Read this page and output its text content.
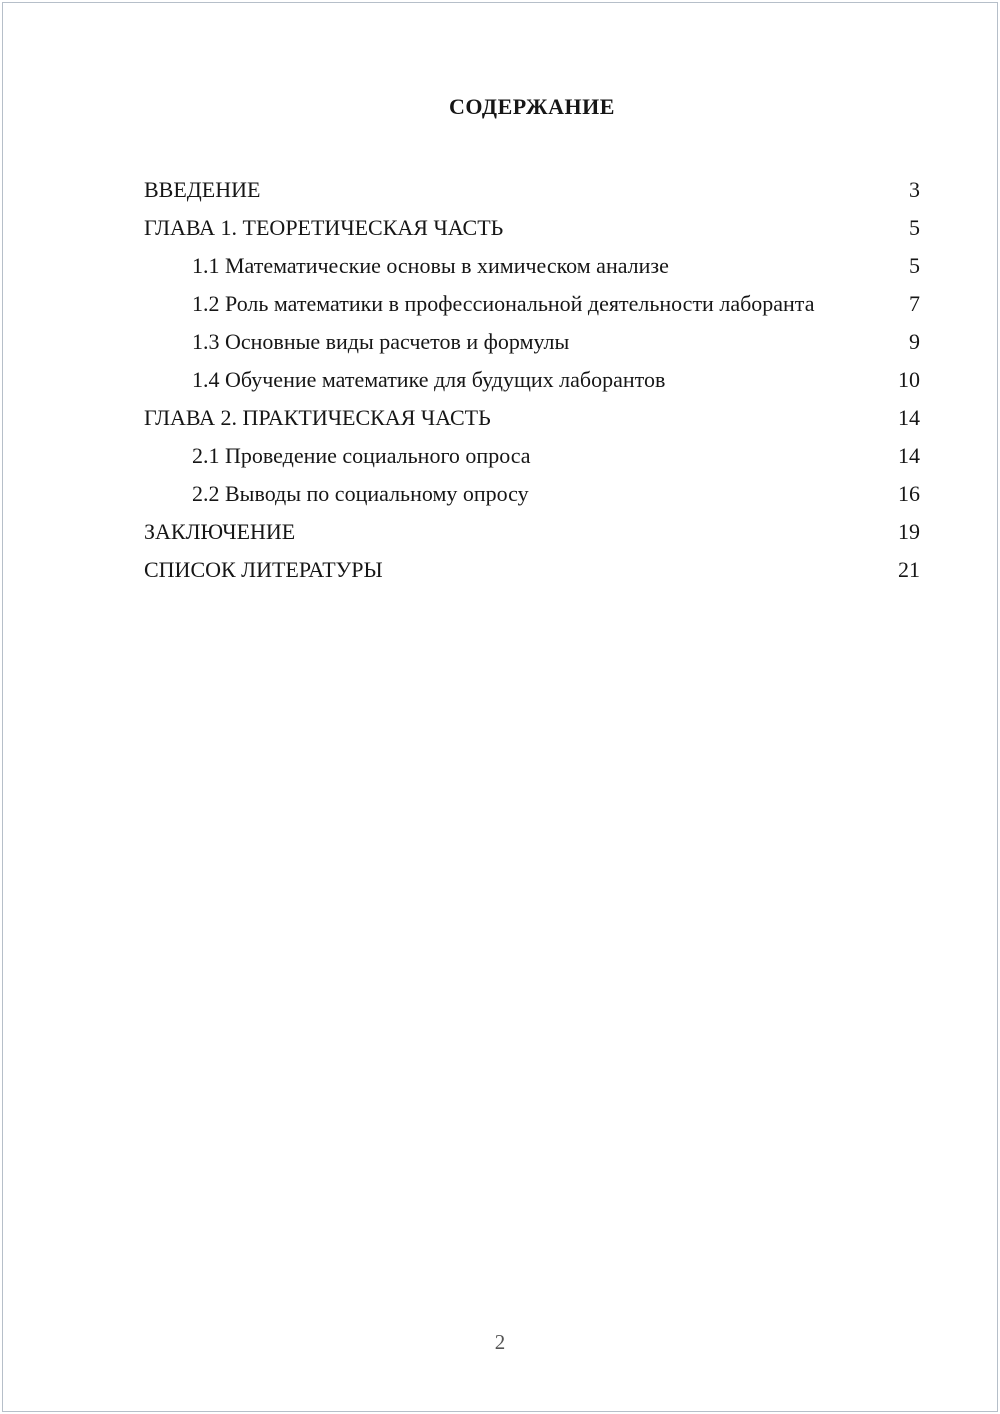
СОДЕРЖАНИЕ
ВВЕДЕНИЕ	3
ГЛАВА 1. ТЕОРЕТИЧЕСКАЯ ЧАСТЬ	5
1.1 Математические основы в химическом анализе	5
1.2 Роль математики в профессиональной деятельности лаборанта	7
1.3 Основные виды расчетов и формулы	9
1.4 Обучение математике для будущих лаборантов	10
ГЛАВА 2. ПРАКТИЧЕСКАЯ ЧАСТЬ	14
2.1 Проведение социального опроса	14
2.2 Выводы по социальному опросу	16
ЗАКЛЮЧЕНИЕ	19
СПИСОК ЛИТЕРАТУРЫ	21
2
